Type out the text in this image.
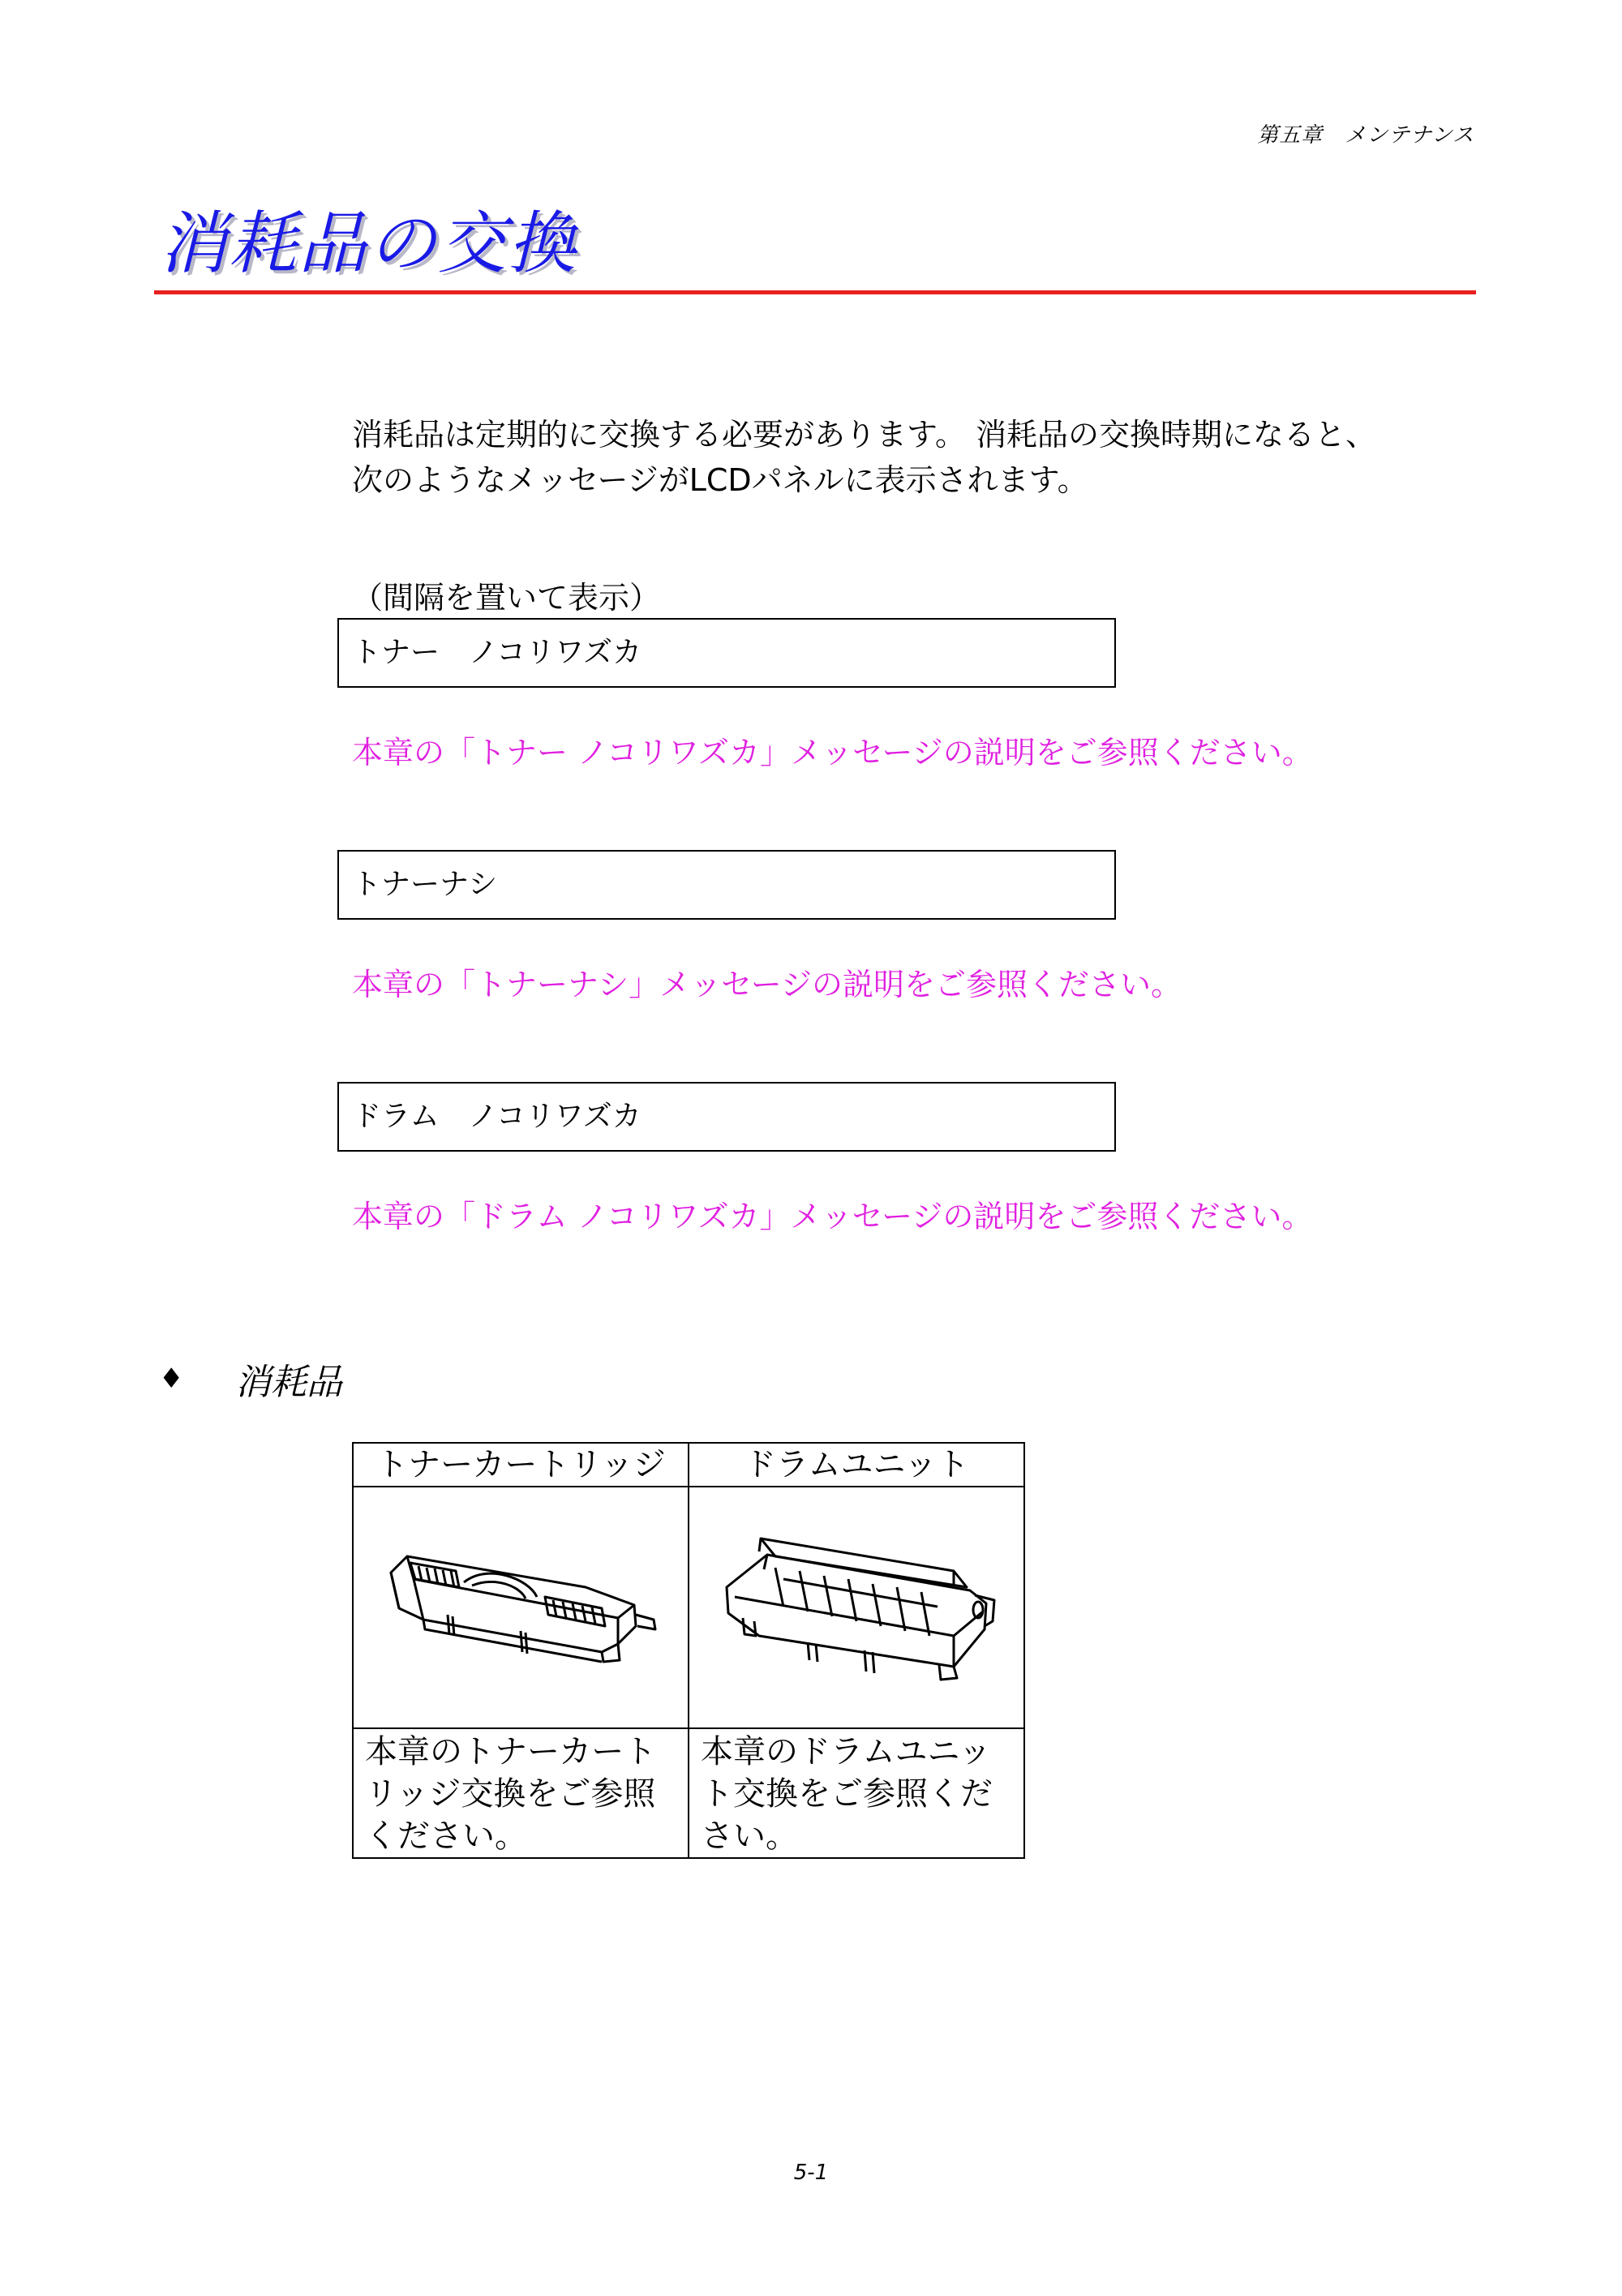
第五章　メンテナンス
消耗品の交換

消耗品は定期的に交換する必要があります。 消耗品の交換時期になると、
次のようなメッセージがLCDパネルに表示されます。

（間隔を置いて表示）
トナー　ノコリワズカ
本章の「トナー ノコリワズカ」メッセージの説明をご参照ください。
トナーナシ
本章の「トナーナシ」メッセージの説明をご参照ください。
ドラム　ノコリワズカ
本章の「ドラム ノコリワズカ」メッセージの説明をご参照ください。
♦ 消耗品
トナーカートリッジ	ドラムユニット

本章のトナーカート
リッジ交換をご参照
ください。	本章のドラムユニッ
ト交換をご参照くだ
さい。
5-1
